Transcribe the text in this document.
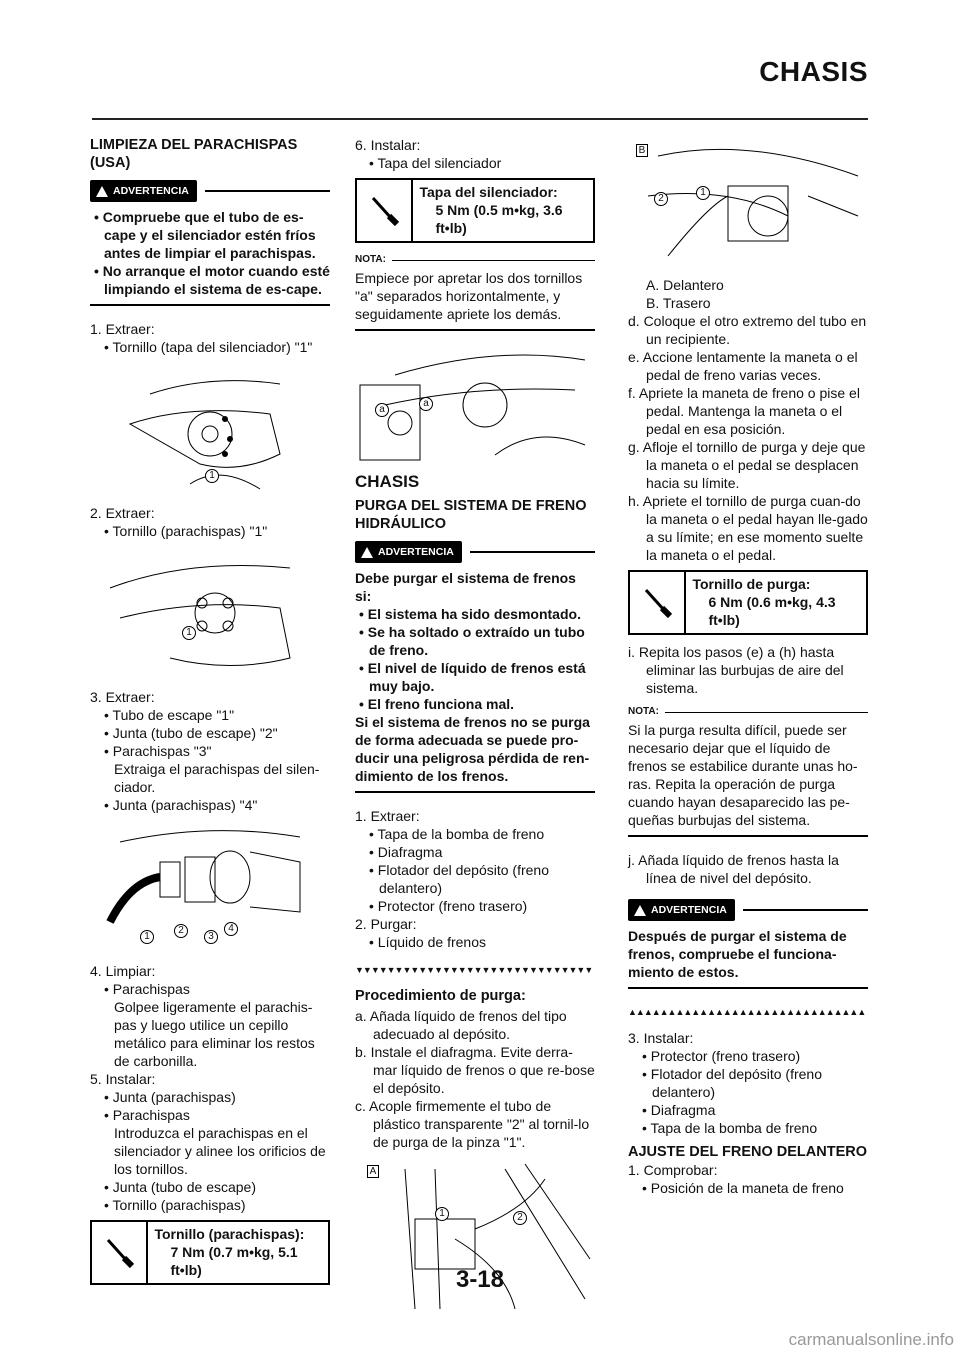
CHASIS
LIMPIEZA DEL PARACHISPAS (USA)
ADVERTENCIA

• Compruebe que el tubo de es-cape y el silenciador estén fríos antes de limpiar el parachispas.

• No arranque el motor cuando esté limpiando el sistema de es-cape.

1. Extraer:

• Tornillo (tapa del silenciador) "1"

1

2. Extraer:

• Tornillo (parachispas) "1"

1

3. Extraer:

• Tubo de escape "1"

• Junta (tubo de escape) "2"

• Parachispas "3"

Extraiga el parachispas del silen-ciador.

• Junta (parachispas) "4"

1
2
3
4

4. Limpiar:

• Parachispas

Golpee ligeramente el parachis-pas y luego utilice un cepillo metálico para eliminar los restos de carbonilla.

5. Instalar:

• Junta (parachispas)

• Parachispas

Introduzca el parachispas en el silenciador y alinee los orificios de los tornillos.

• Junta (tubo de escape)

• Tornillo (parachispas)

Tornillo (parachispas):
7 Nm (0.7 m•kg, 5.1 ft•lb)

6. Instalar:

• Tapa del silenciador

Tapa del silenciador:
5 Nm (0.5 m•kg, 3.6 ft•lb)
NOTA:

Empiece por apretar los dos tornillos "a" separados horizontalmente, y seguidamente apriete los demás.

a
a
CHASIS
PURGA DEL SISTEMA DE FRENO HIDRÁULICO
ADVERTENCIA

Debe purgar el sistema de frenos si:

• El sistema ha sido desmontado.

• Se ha soltado o extraído un tubo de freno.

• El nivel de líquido de frenos está muy bajo.

• El freno funciona mal.

Si el sistema de frenos no se purga de forma adecuada se puede pro-ducir una peligrosa pérdida de ren-dimiento de los frenos.

1. Extraer:

• Tapa de la bomba de freno

• Diafragma

• Flotador del depósito (freno delantero)

• Protector (freno trasero)

2. Purgar:

• Líquido de frenos

▼▼▼▼▼▼▼▼▼▼▼▼▼▼▼▼▼▼▼▼▼▼▼▼▼▼▼▼▼▼
Procedimiento de purga:

a. Añada líquido de frenos del tipo adecuado al depósito.

b. Instale el diafragma. Evite derra-mar líquido de frenos o que re-bose el depósito.

c. Acople firmemente el tubo de plástico transparente "2" al tornil-lo de purga de la pinza "1".

A
1	2
B
2
1

A. Delantero

B. Trasero

d. Coloque el otro extremo del tubo en un recipiente.

e. Accione lentamente la maneta o el pedal de freno varias veces.

f. Apriete la maneta de freno o pise el pedal. Mantenga la maneta o el pedal en esa posición.

g. Afloje el tornillo de purga y deje que la maneta o el pedal se desplacen hacia su límite.

h. Apriete el tornillo de purga cuan-do la maneta o el pedal hayan lle-gado a su límite; en ese momento suelte la maneta o el pedal.

Tornillo de purga:
6 Nm (0.6 m•kg, 4.3 ft•lb)

i. Repita los pasos (e) a (h) hasta eliminar las burbujas de aire del sistema.

NOTA:

Si la purga resulta difícil, puede ser necesario dejar que el líquido de frenos se estabilice durante unas ho-ras. Repita la operación de purga cuando hayan desaparecido las pe-queñas burbujas del sistema.

j. Añada líquido de frenos hasta la línea de nivel del depósito.

ADVERTENCIA
Después de purgar el sistema de frenos, compruebe el funciona-miento de estos.
▲▲▲▲▲▲▲▲▲▲▲▲▲▲▲▲▲▲▲▲▲▲▲▲▲▲▲▲▲▲

3. Instalar:

• Protector (freno trasero)

• Flotador del depósito (freno delantero)

• Diafragma

• Tapa de la bomba de freno

AJUSTE DEL FRENO DELANTERO

1. Comprobar:

• Posición de la maneta de freno

3-18
carmanualsonline.info
